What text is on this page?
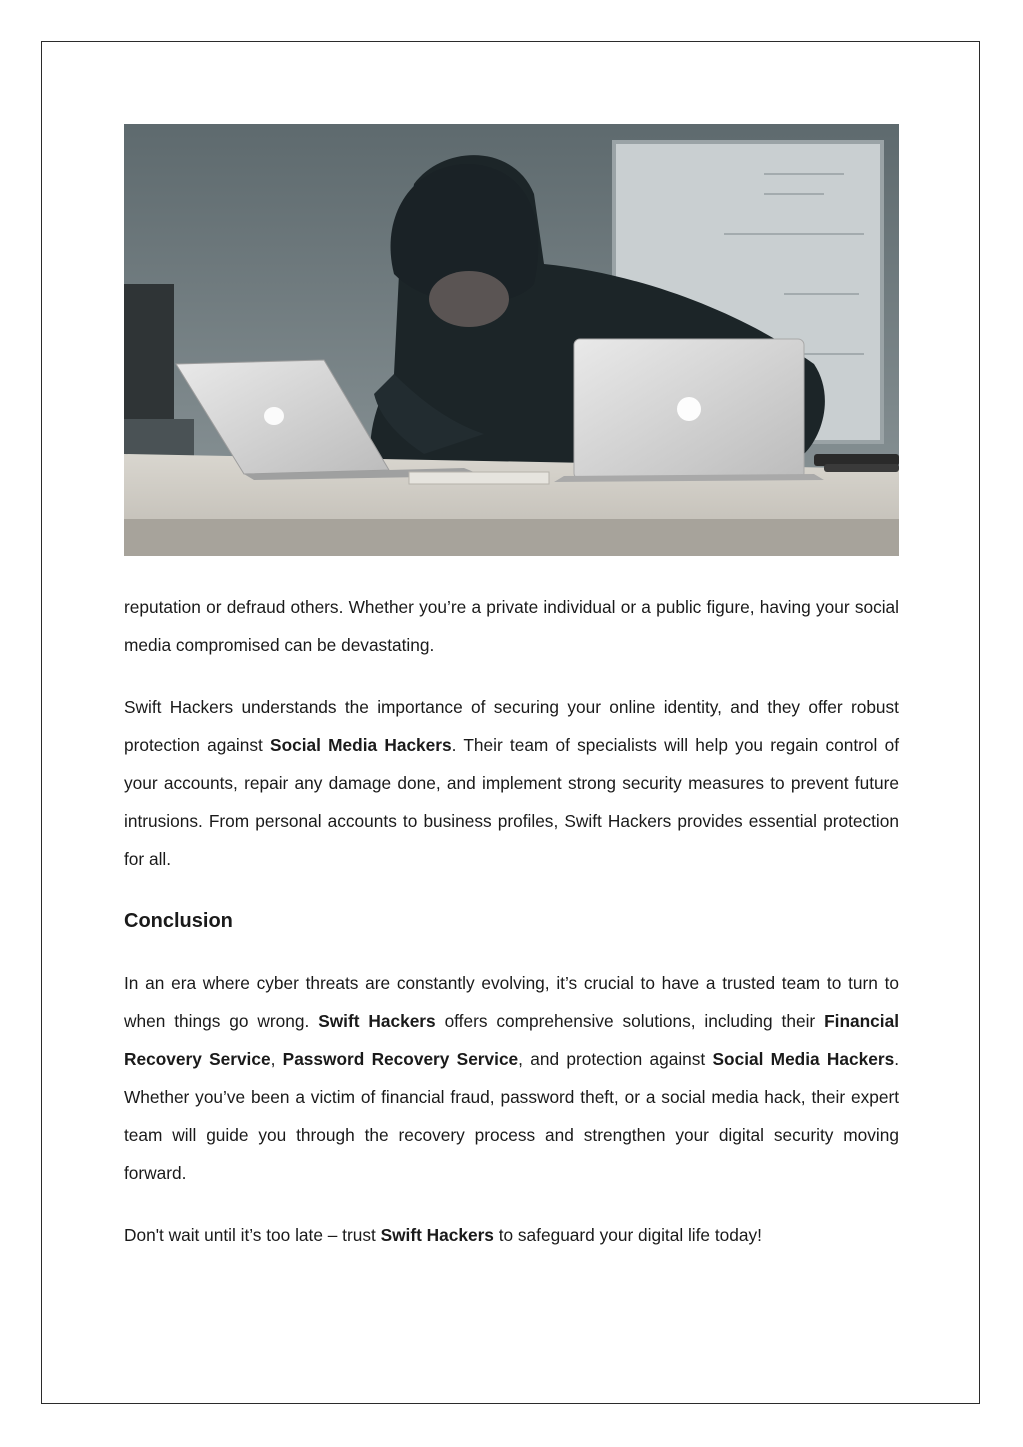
reputation or defraud others. Whether you’re a private individual or a public figure, having your social media compromised can be devastating.

Swift Hackers understands the importance of securing your online identity, and they offer robust protection against Social Media Hackers. Their team of specialists will help you regain control of your accounts, repair any damage done, and implement strong security measures to prevent future intrusions. From personal accounts to business profiles, Swift Hackers provides essential protection for all.

Conclusion

In an era where cyber threats are constantly evolving, it’s crucial to have a trusted team to turn to when things go wrong. Swift Hackers offers comprehensive solutions, including their Financial Recovery Service, Password Recovery Service, and protection against Social Media Hackers. Whether you’ve been a victim of financial fraud, password theft, or a social media hack, their expert team will guide you through the recovery process and strengthen your digital security moving forward.

Don't wait until it’s too late – trust Swift Hackers to safeguard your digital life today!
